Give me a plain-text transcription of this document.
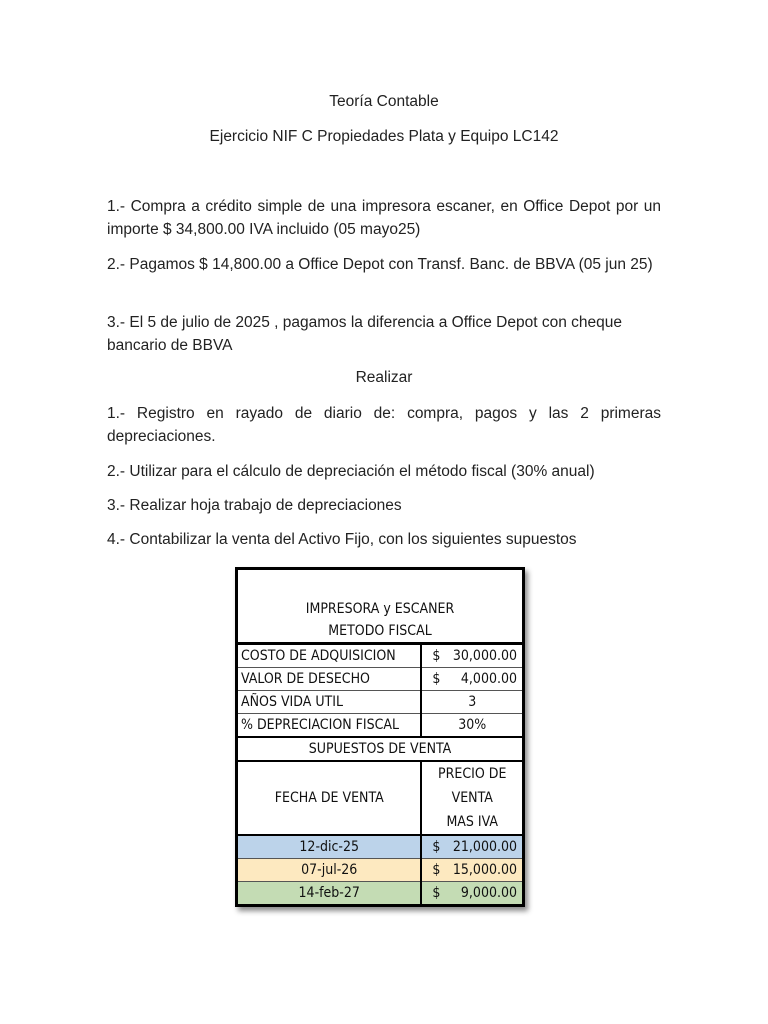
Teoría Contable
Ejercicio NIF C Propiedades Plata y Equipo LC142
1.- Compra a crédito simple de una impresora escaner, en Office Depot por un importe $ 34,800.00 IVA incluido (05 mayo25)
2.- Pagamos $ 14,800.00 a Office Depot con Transf. Banc. de BBVA (05 jun 25)
3.- El 5 de julio de 2025 , pagamos la diferencia a Office Depot con cheque bancario de BBVA
Realizar
1.- Registro en rayado de diario de: compra, pagos y las 2 primeras depreciaciones.
2.- Utilizar para el cálculo de depreciación el método fiscal (30% anual)
3.- Realizar hoja trabajo de depreciaciones
4.- Contabilizar la venta del Activo Fijo, con los siguientes supuestos
IMPRESORA y ESCANER
METODO FISCAL	

COSTO DE ADQUISICION	$ 30,000.00

VALOR DE DESECHO	$ 4,000.00

AÑOS VIDA UTIL	3
% DEPRECIACION FISCAL	30%
SUPUESTOS DE VENTA	
FECHA DE VENTA	PRECIO DE
VENTA
MAS IVA

12-dic-25	$ 21,000.00

07-jul-26	$ 15,000.00

14-feb-27	$ 9,000.00
